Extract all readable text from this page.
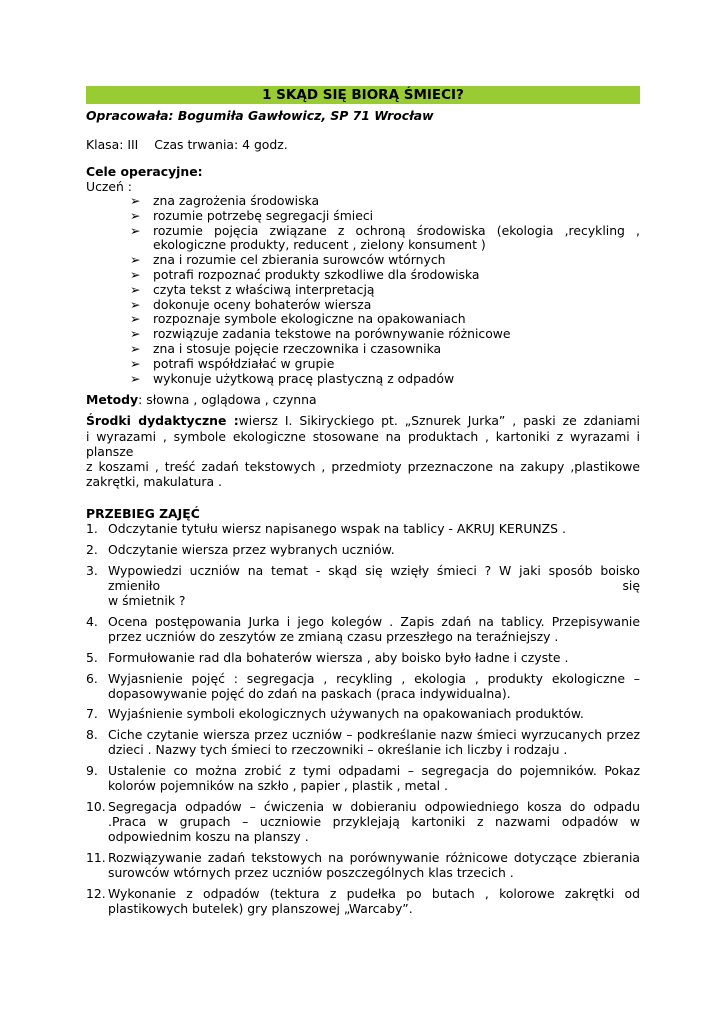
1 SKĄD SIĘ BIORĄ ŚMIECI?
Opracowała: Bogumiła Gawłowicz, SP 71 Wrocław
Klasa: III Czas trwania: 4 godz.
Cele operacyjne:
Uczeń :
➢ zna zagrożenia środowiska
➢ rozumie potrzebę segregacji śmieci
➢ rozumie pojęcia związane z ochroną środowiska (ekologia ,recykling , ekologiczne produkty, reducent , zielony konsument )
➢ zna i rozumie cel zbierania surowców wtórnych
➢ potrafi rozpoznać produkty szkodliwe dla środowiska
➢ czyta tekst z właściwą interpretacją
➢ dokonuje oceny bohaterów wiersza
➢ rozpoznaje symbole ekologiczne na opakowaniach
➢ rozwiązuje zadania tekstowe na porównywanie różnicowe
➢ zna i stosuje pojęcie rzeczownika i czasownika
➢ potrafi współdziałać w grupie
➢ wykonuje użytkową pracę plastyczną z odpadów
Metody: słowna , oglądowa , czynna
Środki dydaktyczne :wiersz I. Sikiryckiego pt. „Sznurek Jurka” , paski ze zdaniami
i wyrazami , symbole ekologiczne stosowane na produktach , kartoniki z wyrazami i
plansze
z koszami , treść zadań tekstowych , przedmioty przeznaczone na zakupy ,plastikowe
zakrętki, makulatura .
PRZEBIEG ZAJĘĆ
1. Odczytanie tytułu wiersz napisanego wspak na tablicy - AKRUJ KERUNZS .
2. Odczytanie wiersza przez wybranych uczniów.
3. Wypowiedzi uczniów na temat - skąd się wzięły śmieci ? W jaki sposób boisko
zmieniło	się
w śmietnik ?
4. Ocena postępowania Jurka i jego kolegów . Zapis zdań na tablicy. Przepisywanie przez uczniów do zeszytów ze zmianą czasu przeszłego na teraźniejszy .
5. Formułowanie rad dla bohaterów wiersza , aby boisko było ładne i czyste .
6. Wyjasnienie pojęć : segregacja , recykling , ekologia , produkty ekologiczne – dopasowywanie pojęć do zdań na paskach (praca indywidualna).
7. Wyjaśnienie symboli ekologicznych używanych na opakowaniach produktów.
8. Ciche czytanie wiersza przez uczniów – podkreślanie nazw śmieci wyrzucanych przez dzieci . Nazwy tych śmieci to rzeczowniki – określanie ich liczby i rodzaju .
9. Ustalenie co można zrobić z tymi odpadami – segregacja do pojemników. Pokaz kolorów pojemników na szkło , papier , plastik , metal .
10. Segregacja odpadów – ćwiczenia w dobieraniu odpowiedniego kosza do odpadu .Praca w grupach – uczniowie przyklejają kartoniki z nazwami odpadów w odpowiednim koszu na planszy .
11. Rozwiązywanie zadań tekstowych na porównywanie różnicowe dotyczące zbierania surowców wtórnych przez uczniów poszczególnych klas trzecich .
12. Wykonanie z odpadów (tektura z pudełka po butach , kolorowe zakrętki od plastikowych butelek) gry planszowej „Warcaby”.
